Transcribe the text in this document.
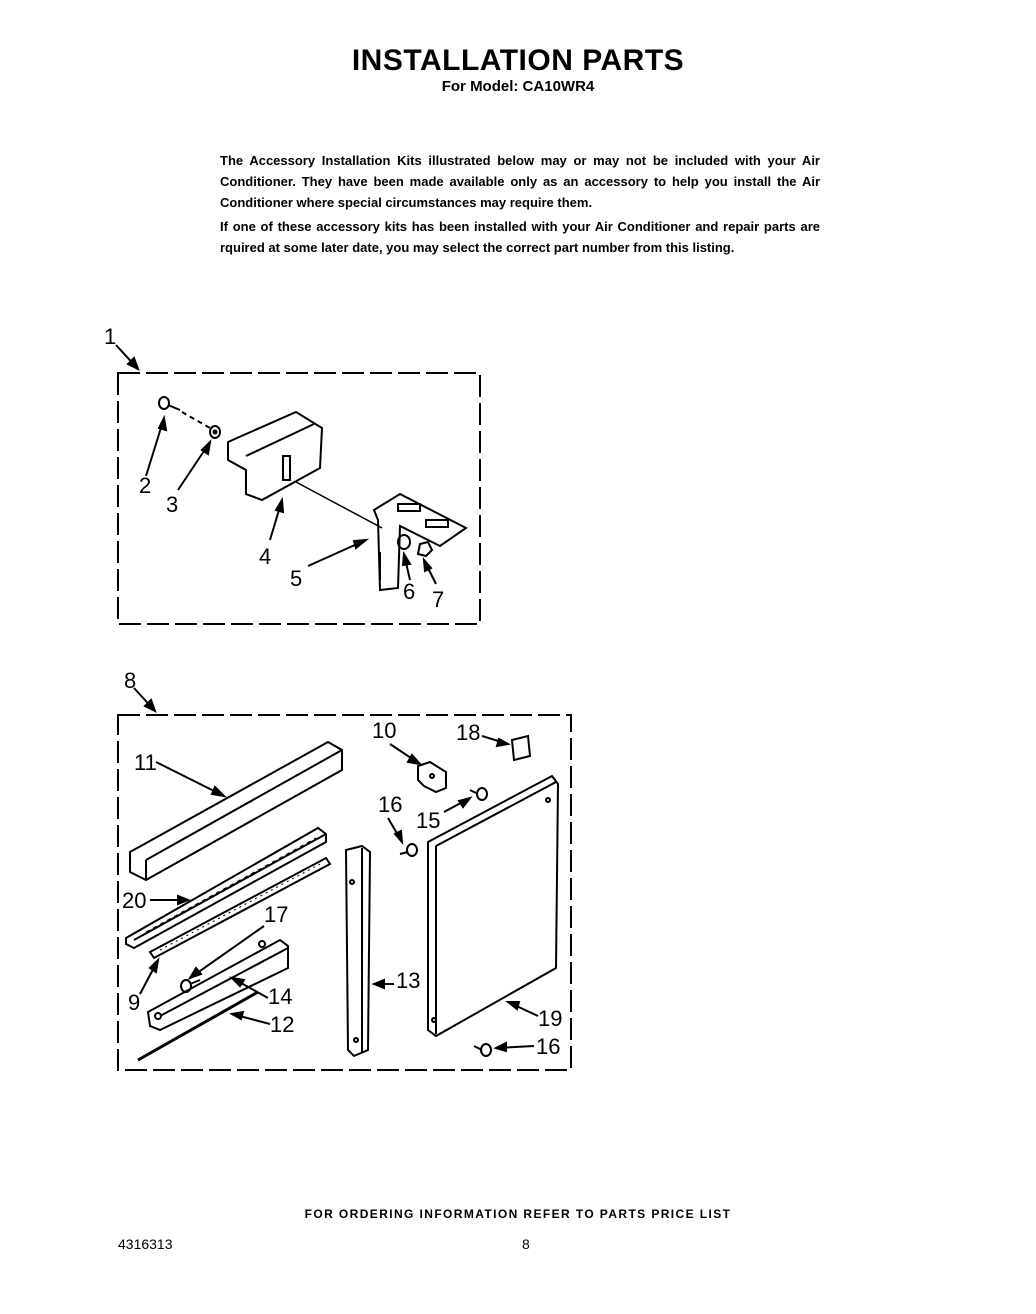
INSTALLATION PARTS
For Model: CA10WR4

The Accessory Installation Kits illustrated below may or may not be included with your Air Conditioner. They have been made available only as an accessory to help you install the Air Conditioner where special circumstances may require them.

If one of these accessory kits has been installed with your Air Conditioner and repair parts are rquired at some later date, you may select the correct part number from this listing.

1
2
3
4
5
6 7
8
9
10
11
12
13
14
15
16
16
17
18
19
20
FOR ORDERING INFORMATION REFER TO PARTS PRICE LIST
4316313	8
